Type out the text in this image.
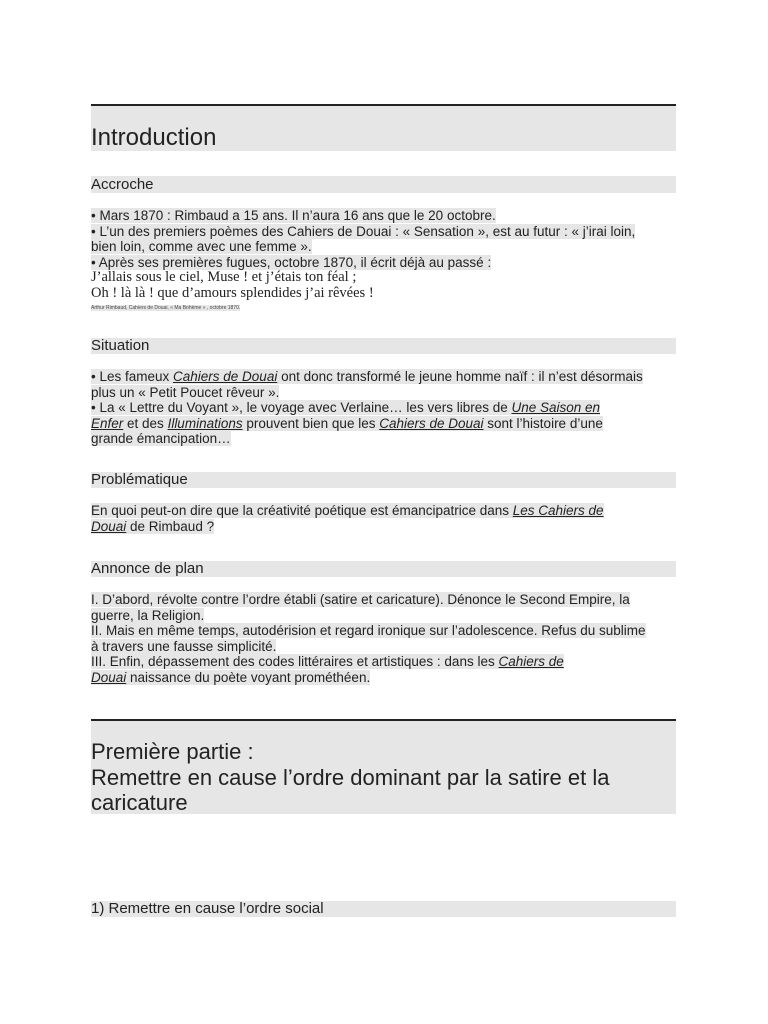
Introduction
Accroche

• Mars 1870 : Rimbaud a 15 ans. Il n’aura 16 ans que le 20 octobre.

• L’un des premiers poèmes des Cahiers de Douai : « Sensation », est au futur : « j’irai loin,

bien loin, comme avec une femme ».

• Après ses premières fugues, octobre 1870, il écrit déjà au passé :

J’allais sous le ciel, Muse ! et j’étais ton féal ;

Oh ! là là ! que d’amours splendides j’ai rêvées !

Arthur Rimbaud, Cahiers de Douai, « Ma Bohème » , octobre 1870.

Situation

• Les fameux Cahiers de Douai ont donc transformé le jeune homme naïf : il n’est désormais

plus un « Petit Poucet rêveur ».

• La « Lettre du Voyant », le voyage avec Verlaine… les vers libres de Une Saison en

Enfer et des Illuminations prouvent bien que les Cahiers de Douai sont l’histoire d’une

grande émancipation…

Problématique

En quoi peut-on dire que la créativité poétique est émancipatrice dans Les Cahiers de

Douai de Rimbaud ?

Annonce de plan

I. D’abord, révolte contre l’ordre établi (satire et caricature). Dénonce le Second Empire, la

guerre, la Religion.

II. Mais en même temps, autodérision et regard ironique sur l’adolescence. Refus du sublime

à travers une fausse simplicité.

III. Enfin, dépassement des codes littéraires et artistiques : dans les Cahiers de

Douai naissance du poète voyant prométhéen.

Première partie :
Remettre en cause l’ordre dominant par la satire et la
caricature
1) Remettre en cause l’ordre social
